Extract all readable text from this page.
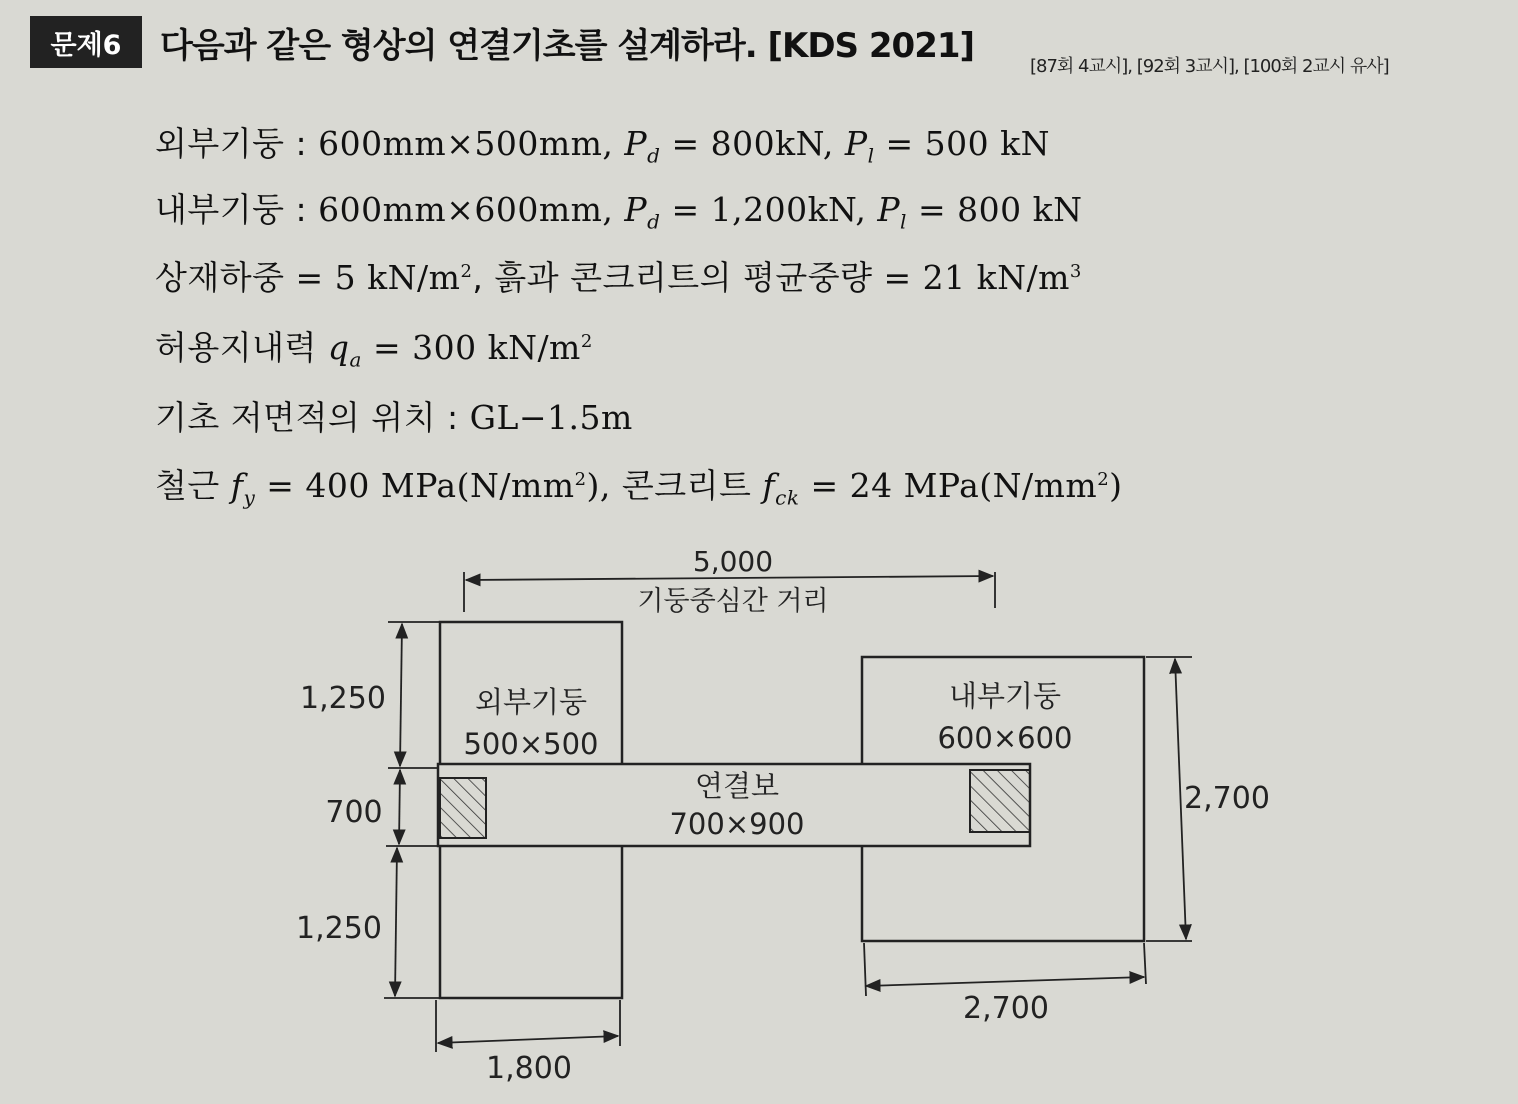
문제6	다음과 같은 형상의 연결기초를 설계하라. [KDS 2021]
[87회 4교시], [92회 3교시], [100회 2교시 유사]
외부기둥 : 600mm×500mm, $P_d = 800kN$, $P_l = 500$ kN
내부기둥 : 600mm×600mm, $P_d = 1,200kN$, $P_l = 800$ kN
상재하중 = 5 $kN/m^2$, 흙과 콘크리트의 평균중량 = 21 $kN/m^3$
허용지내력 $q_a = 300$ $kN/m^2$
기초 저면적의 위치 : GL−1.5m
철근 $f_y = 400$ $MPa(N/mm^2)$, 콘크리트 $f_{ck} = 24$ $MPa(N/mm^2)$
5,000
기둥중심간 거리
1,250
700
1,250
1,800
2,700
2,700
외부기둥
500×500
내부기둥
600×600
연결보
700×900
